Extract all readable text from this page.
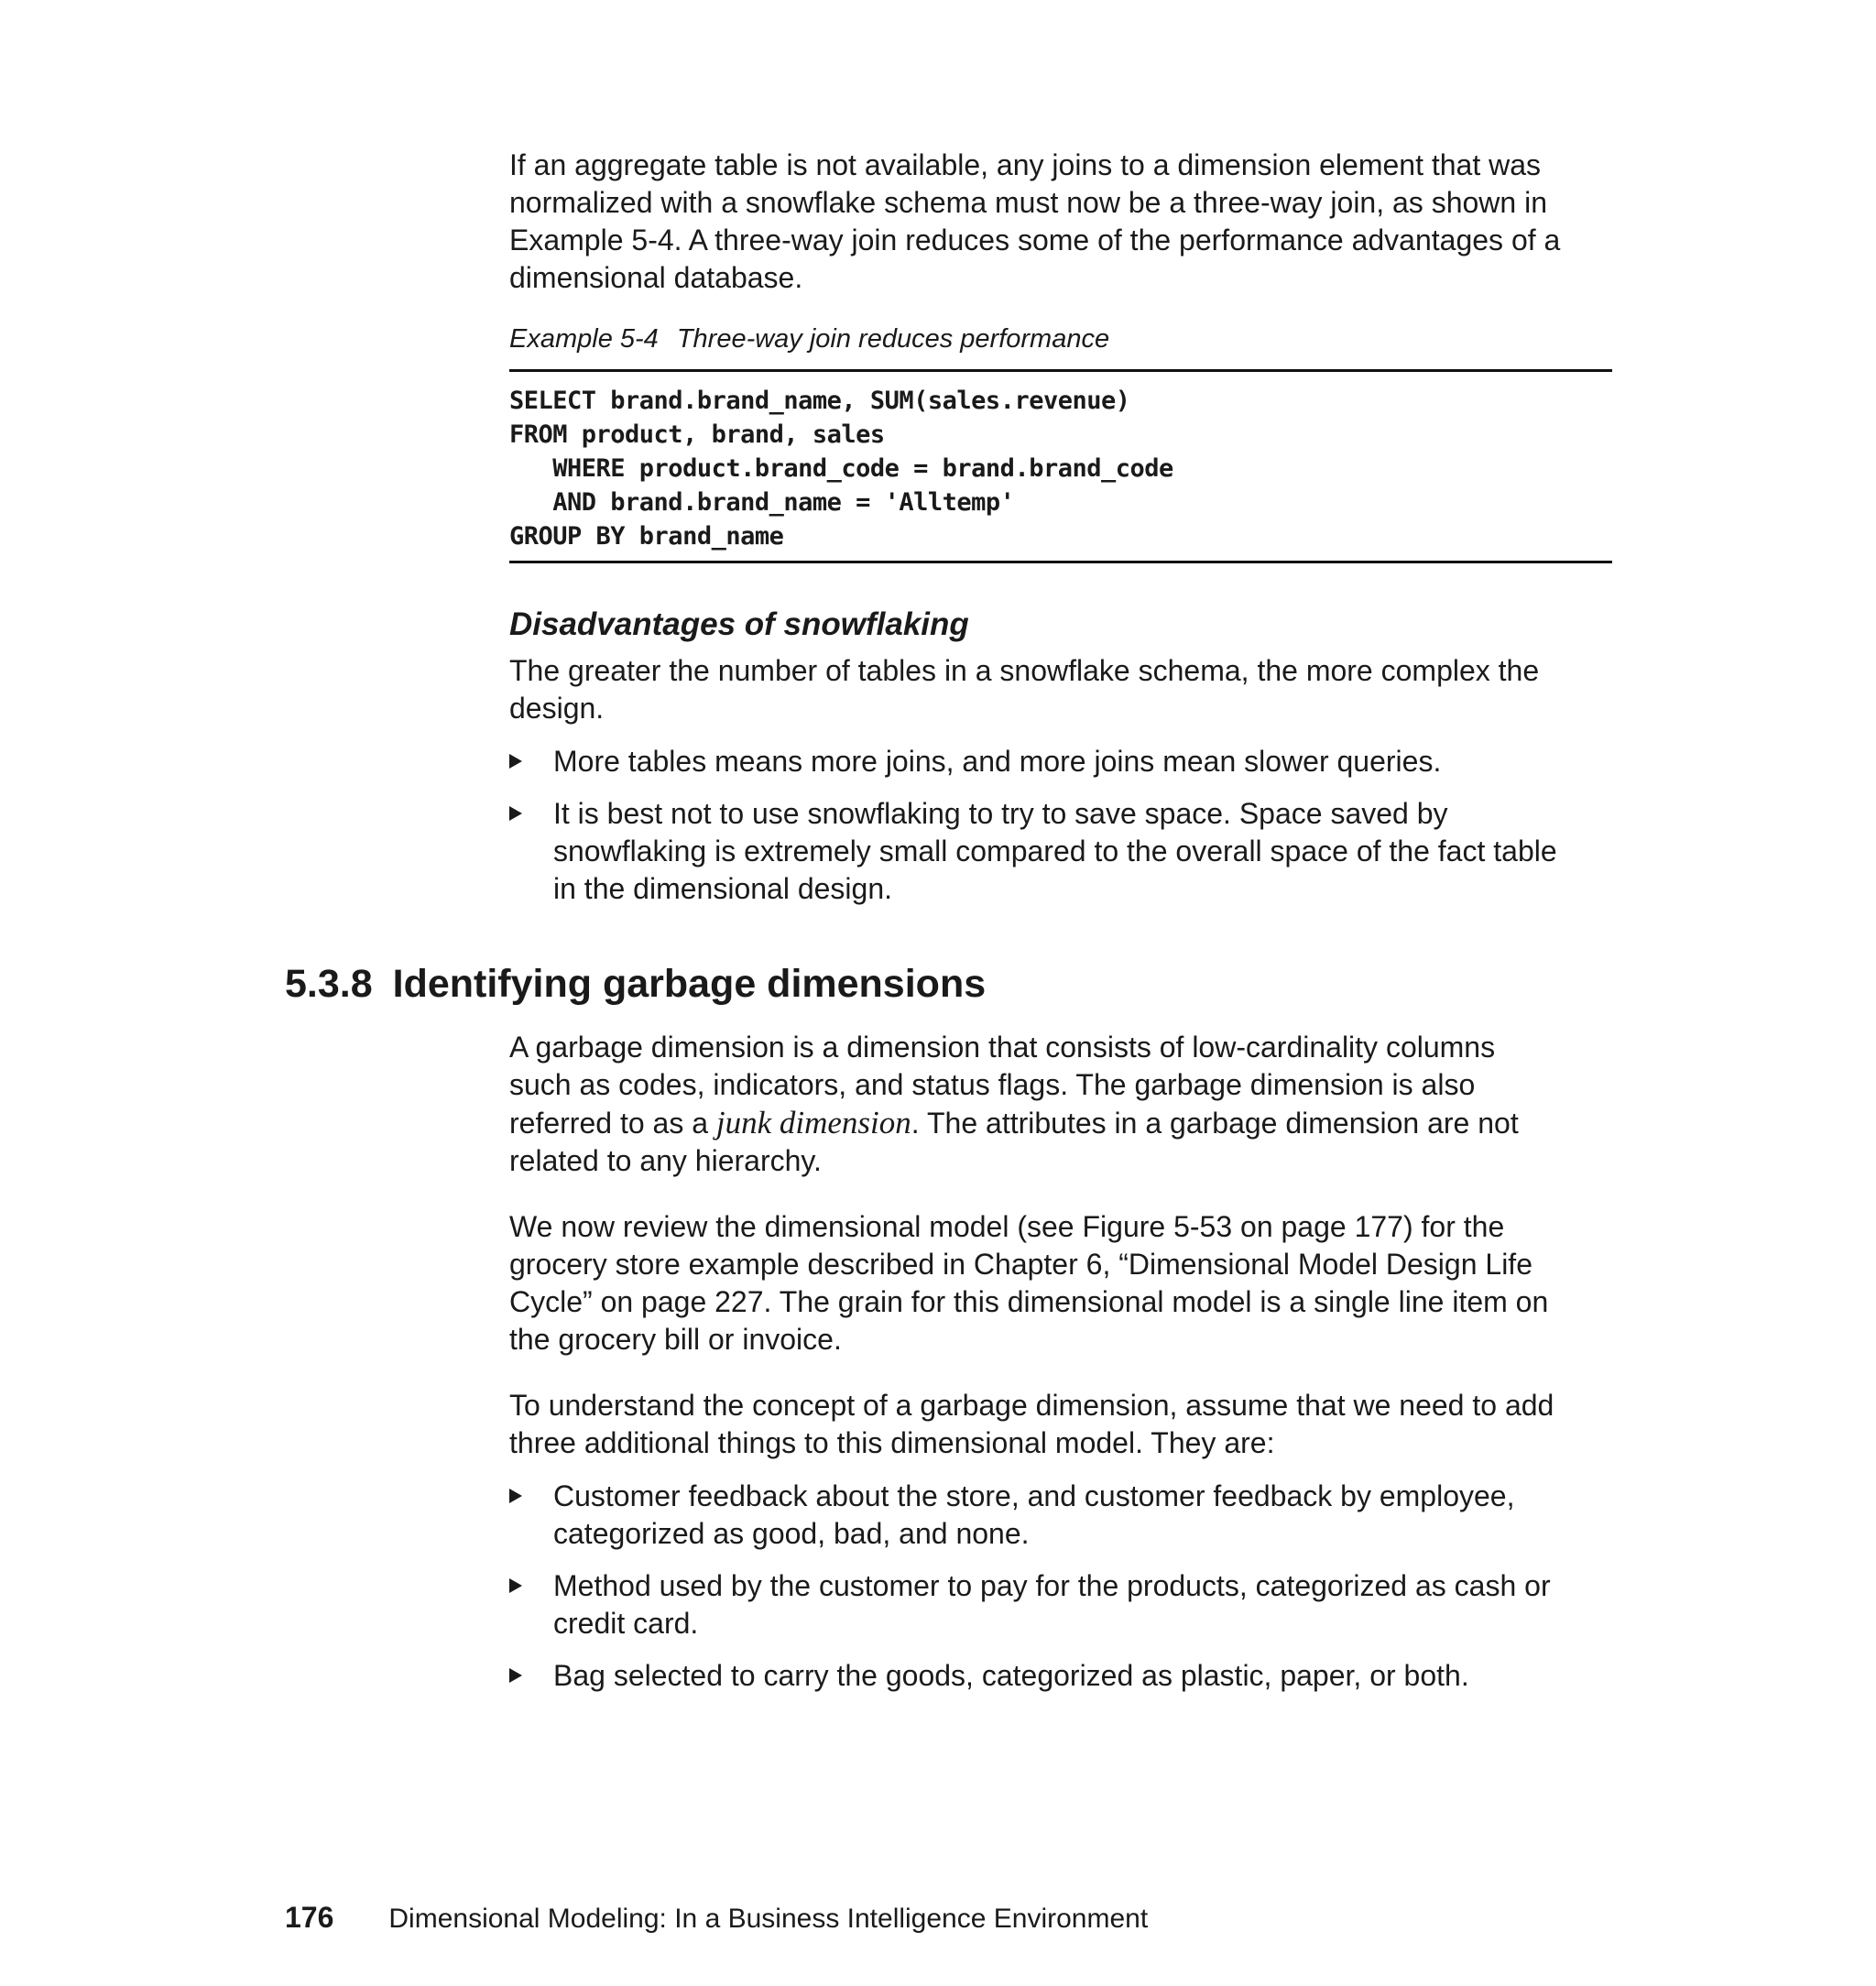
If an aggregate table is not available, any joins to a dimension element that was
normalized with a snowflake schema must now be a three-way join, as shown in
Example 5-4. A three-way join reduces some of the performance advantages of a
dimensional database.
Example 5-4 Three-way join reduces performance
SELECT brand.brand_name, SUM(sales.revenue)
FROM product, brand, sales
WHERE product.brand_code = brand.brand_code
AND brand.brand_name = 'Alltemp'
GROUP BY brand_name
Disadvantages of snowflaking
The greater the number of tables in a snowflake schema, the more complex the
design.
More tables means more joins, and more joins mean slower queries.
It is best not to use snowflaking to try to save space. Space saved by
snowflaking is extremely small compared to the overall space of the fact table
in the dimensional design.
5.3.8 Identifying garbage dimensions
A garbage dimension is a dimension that consists of low-cardinality columns
such as codes, indicators, and status flags. The garbage dimension is also
referred to as a junk dimension. The attributes in a garbage dimension are not
related to any hierarchy.
We now review the dimensional model (see Figure 5-53 on page 177) for the
grocery store example described in Chapter 6, “Dimensional Model Design Life
Cycle” on page 227. The grain for this dimensional model is a single line item on
the grocery bill or invoice.
To understand the concept of a garbage dimension, assume that we need to add
three additional things to this dimensional model. They are:
Customer feedback about the store, and customer feedback by employee,
categorized as good, bad, and none.
Method used by the customer to pay for the products, categorized as cash or
credit card.
Bag selected to carry the goods, categorized as plastic, paper, or both.
176 Dimensional Modeling: In a Business Intelligence Environment
